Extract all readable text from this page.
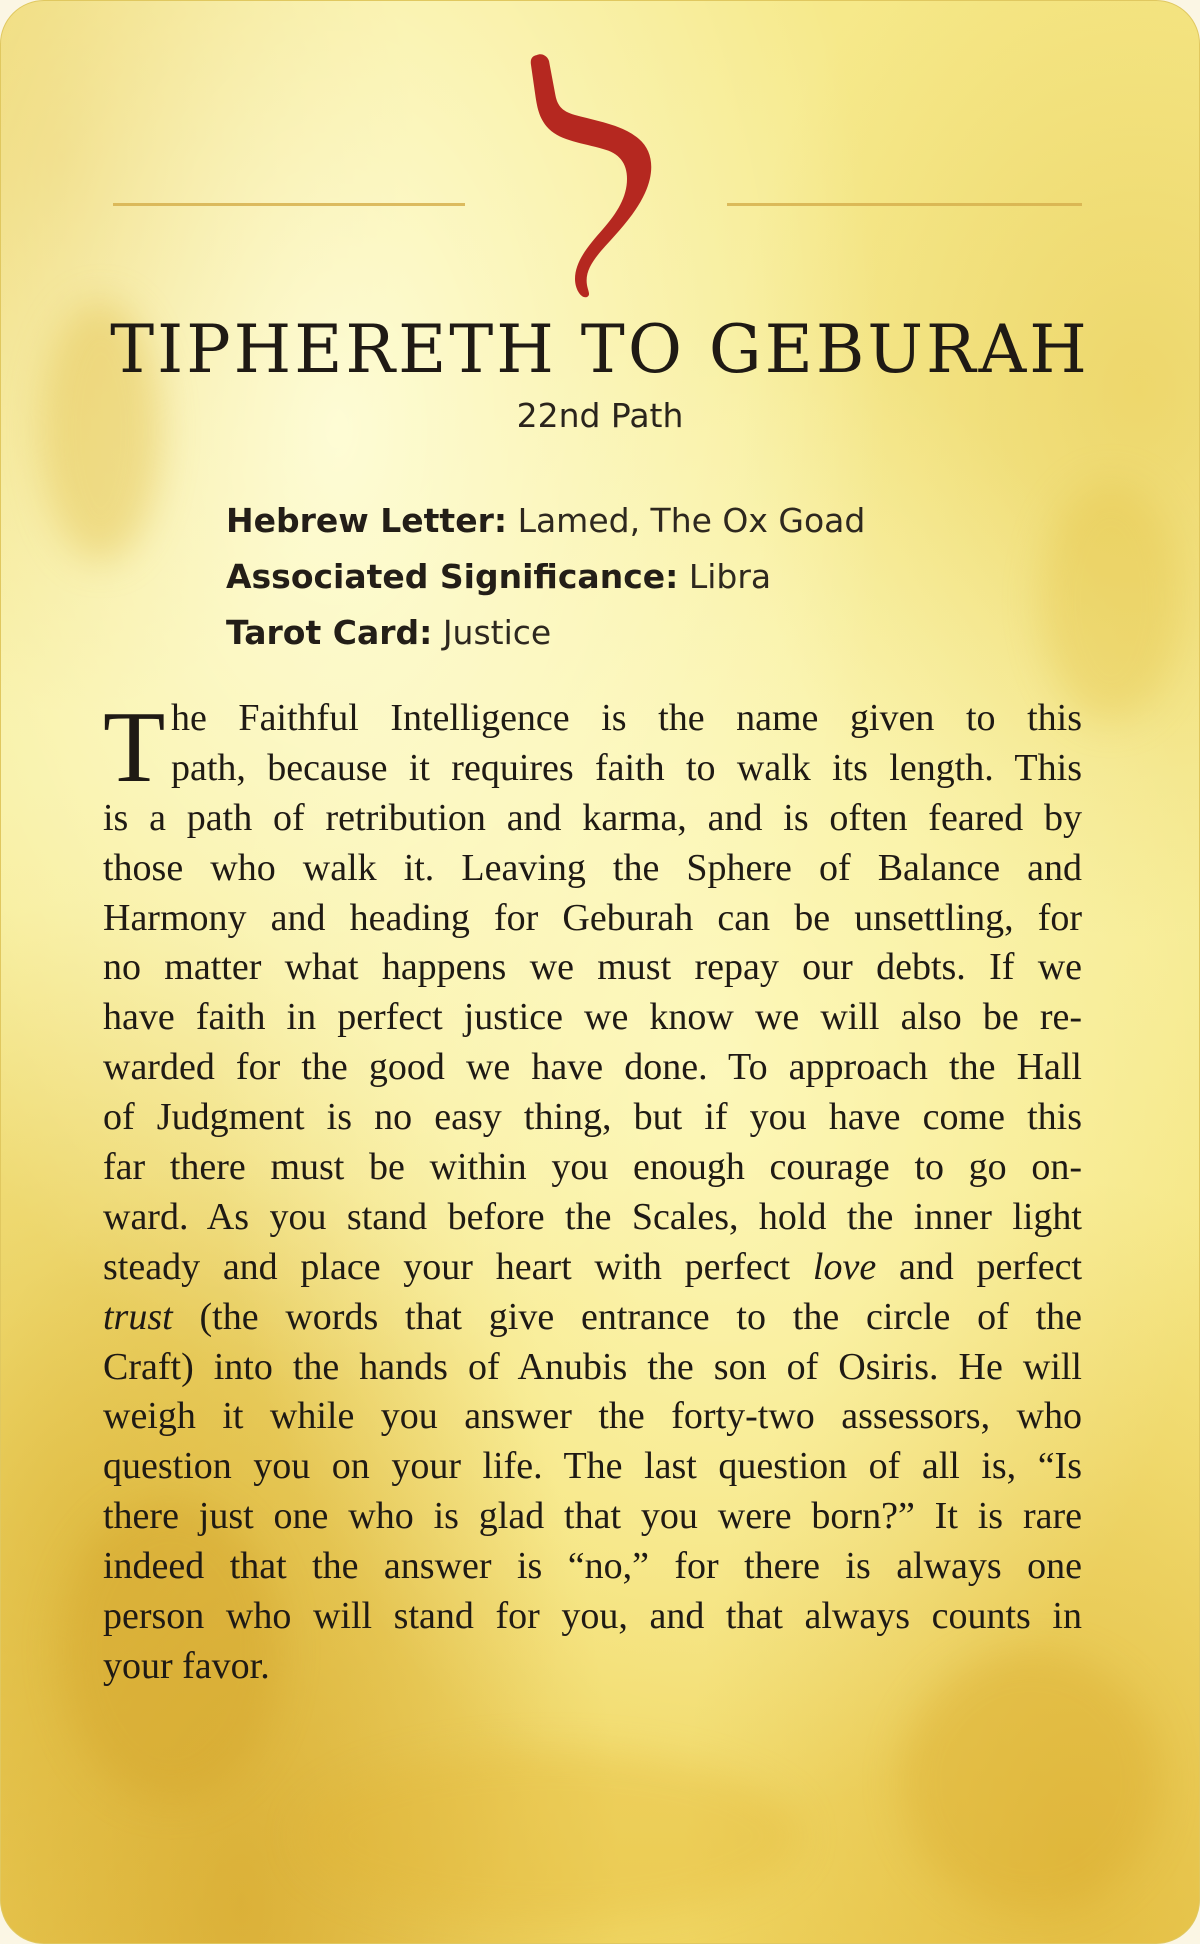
TIPHERETH TO GEBURAH
22nd Path
Hebrew Letter: Lamed, The Ox Goad
Associated Significance: Libra
Tarot Card: Justice
T he Faithful Intelligence is the name given to this
path, because it requires faith to walk its length. This
is a path of retribution and karma, and is often feared by
those who walk it. Leaving the Sphere of Balance and
Harmony and heading for Geburah can be unsettling, for
no matter what happens we must repay our debts. If we
have faith in perfect justice we know we will also be re-
warded for the good we have done. To approach the Hall
of Judgment is no easy thing, but if you have come this
far there must be within you enough courage to go on-
ward. As you stand before the Scales, hold the inner light
steady and place your heart with perfect love and perfect
trust (the words that give entrance to the circle of the
Craft) into the hands of Anubis the son of Osiris. He will
weigh it while you answer the forty-two assessors, who
question you on your life. The last question of all is, “Is
there just one who is glad that you were born?” It is rare
indeed that the answer is “no,” for there is always one
person who will stand for you, and that always counts in
your favor.
